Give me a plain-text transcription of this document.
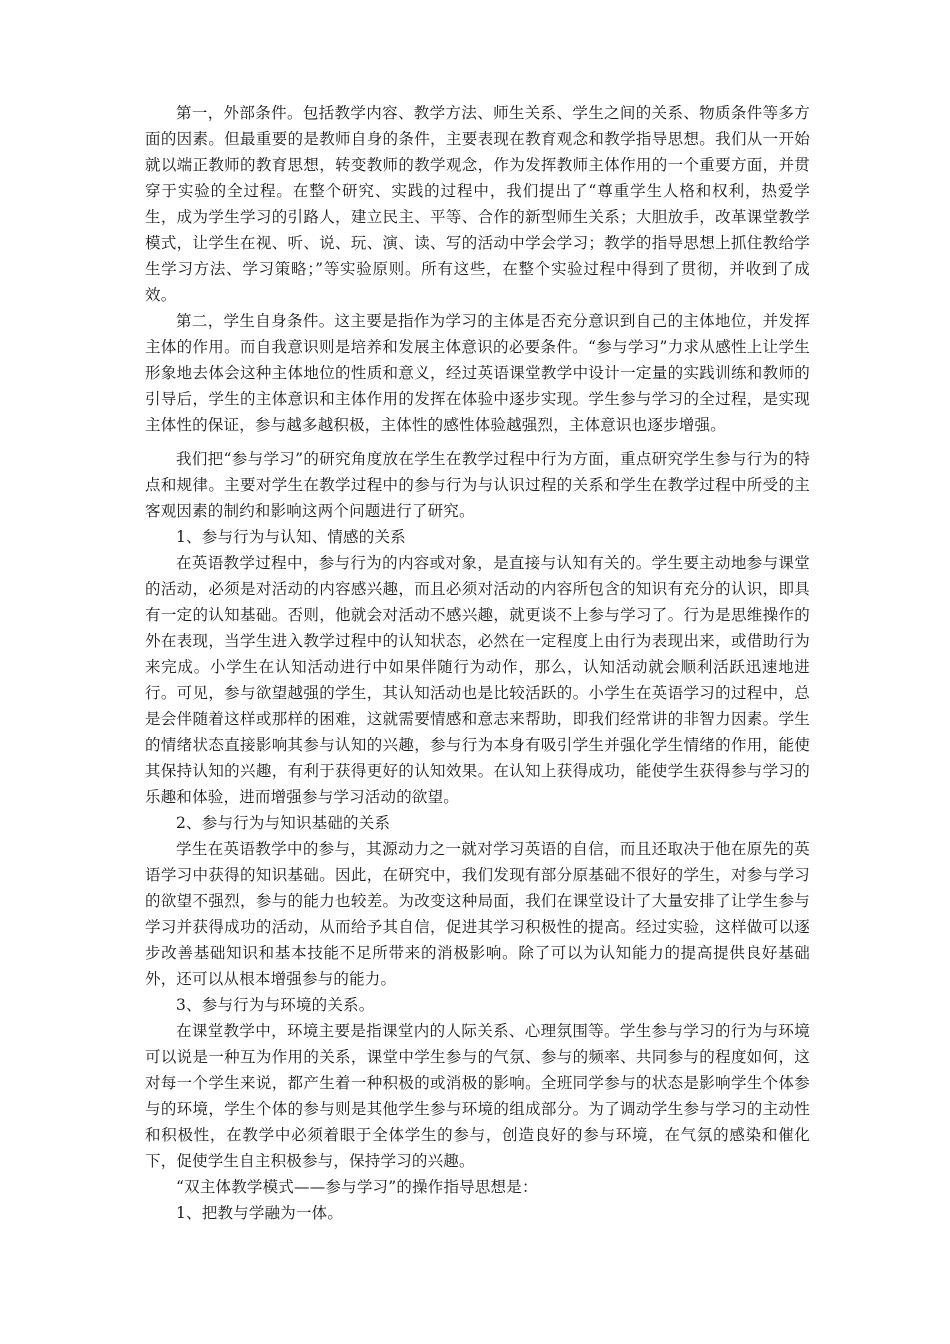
第一，外部条件。包括教学内容、教学方法、师生关系、学生之间的关系、物质条件等多方面的因素。但最重要的是教师自身的条件，主要表现在教育观念和教学指导思想。我们从一开始就以端正教师的教育思想，转变教师的教学观念，作为发挥教师主体作用的一个重要方面，并贯穿于实验的全过程。在整个研究、实践的过程中，我们提出了“尊重学生人格和权利，热爱学生，成为学生学习的引路人，建立民主、平等、合作的新型师生关系；大胆放手，改革课堂教学模式，让学生在视、听、说、玩、演、读、写的活动中学会学习；教学的指导思想上抓住教给学生学习方法、学习策略；”等实验原则。所有这些，在整个实验过程中得到了贯彻，并收到了成效。

第二，学生自身条件。这主要是指作为学习的主体是否充分意识到自己的主体地位，并发挥主体的作用。而自我意识则是培养和发展主体意识的必要条件。“参与学习”力求从感性上让学生形象地去体会这种主体地位的性质和意义，经过英语课堂教学中设计一定量的实践训练和教师的引导后，学生的主体意识和主体作用的发挥在体验中逐步实现。学生参与学习的全过程，是实现主体性的保证，参与越多越积极，主体性的感性体验越强烈，主体意识也逐步增强。

我们把“参与学习”的研究角度放在学生在教学过程中行为方面，重点研究学生参与行为的特点和规律。主要对学生在教学过程中的参与行为与认识过程的关系和学生在教学过程中所受的主客观因素的制约和影响这两个问题进行了研究。

1、参与行为与认知、情感的关系

在英语教学过程中，参与行为的内容或对象，是直接与认知有关的。学生要主动地参与课堂的活动，必须是对活动的内容感兴趣，而且必须对活动的内容所包含的知识有充分的认识，即具有一定的认知基础。否则，他就会对活动不感兴趣，就更谈不上参与学习了。行为是思维操作的外在表现，当学生进入教学过程中的认知状态，必然在一定程度上由行为表现出来，或借助行为来完成。小学生在认知活动进行中如果伴随行为动作，那么，认知活动就会顺利活跃迅速地进行。可见，参与欲望越强的学生，其认知活动也是比较活跃的。小学生在英语学习的过程中，总是会伴随着这样或那样的困难，这就需要情感和意志来帮助，即我们经常讲的非智力因素。学生的情绪状态直接影响其参与认知的兴趣，参与行为本身有吸引学生并强化学生情绪的作用，能使其保持认知的兴趣，有利于获得更好的认知效果。在认知上获得成功，能使学生获得参与学习的乐趣和体验，进而增强参与学习活动的欲望。

2、参与行为与知识基础的关系

学生在英语教学中的参与，其源动力之一就对学习英语的自信，而且还取决于他在原先的英语学习中获得的知识基础。因此，在研究中，我们发现有部分原基础不很好的学生，对参与学习的欲望不强烈，参与的能力也较差。为改变这种局面，我们在课堂设计了大量安排了让学生参与学习并获得成功的活动，从而给予其自信，促进其学习积极性的提高。经过实验，这样做可以逐步改善基础知识和基本技能不足所带来的消极影响。除了可以为认知能力的提高提供良好基础外，还可以从根本增强参与的能力。

3、参与行为与环境的关系。

在课堂教学中，环境主要是指课堂内的人际关系、心理氛围等。学生参与学习的行为与环境可以说是一种互为作用的关系，课堂中学生参与的气氛、参与的频率、共同参与的程度如何，这对每一个学生来说，都产生着一种积极的或消极的影响。全班同学参与的状态是影响学生个体参与的环境，学生个体的参与则是其他学生参与环境的组成部分。为了调动学生参与学习的主动性和积极性，在教学中必须着眼于全体学生的参与，创造良好的参与环境，在气氛的感染和催化下，促使学生自主积极参与，保持学习的兴趣。

“双主体教学模式——参与学习”的操作指导思想是：

1、把教与学融为一体。
